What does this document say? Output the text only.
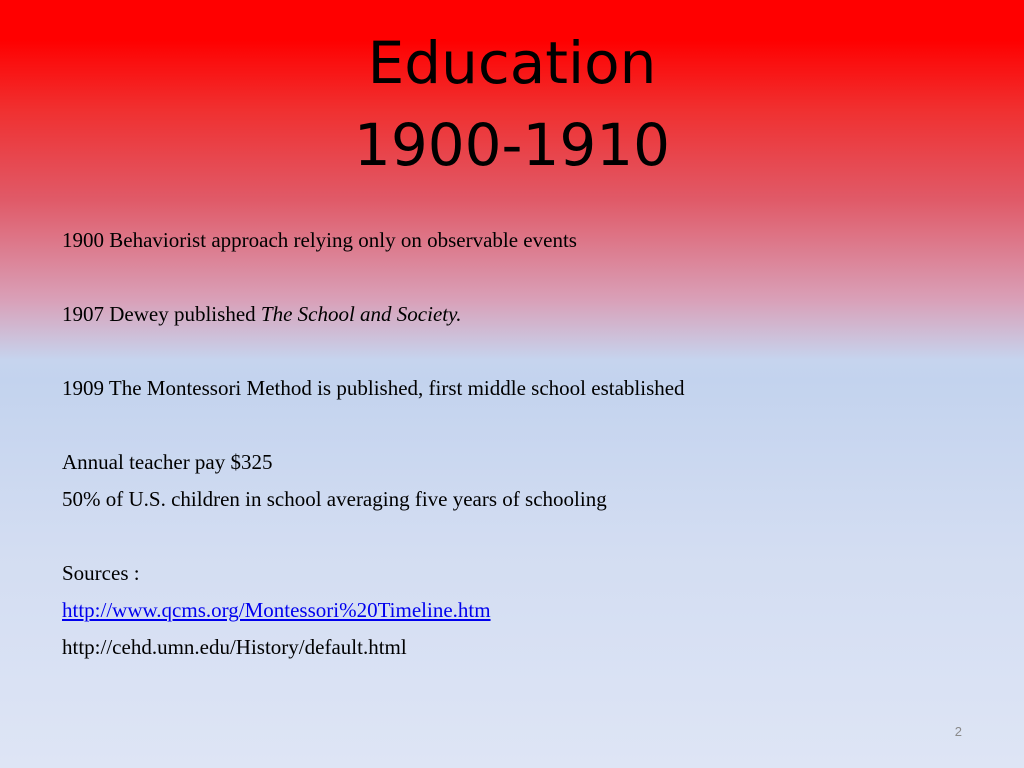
Education
1900-1910

1900 Behaviorist approach relying only on observable events

1907 Dewey published The School and Society.

1909 The Montessori Method is published, first middle school established

Annual teacher pay $325

50% of U.S. children in school averaging five years of schooling

Sources :

http://www.qcms.org/Montessori%20Timeline.htm

http://cehd.umn.edu/History/default.html

2
